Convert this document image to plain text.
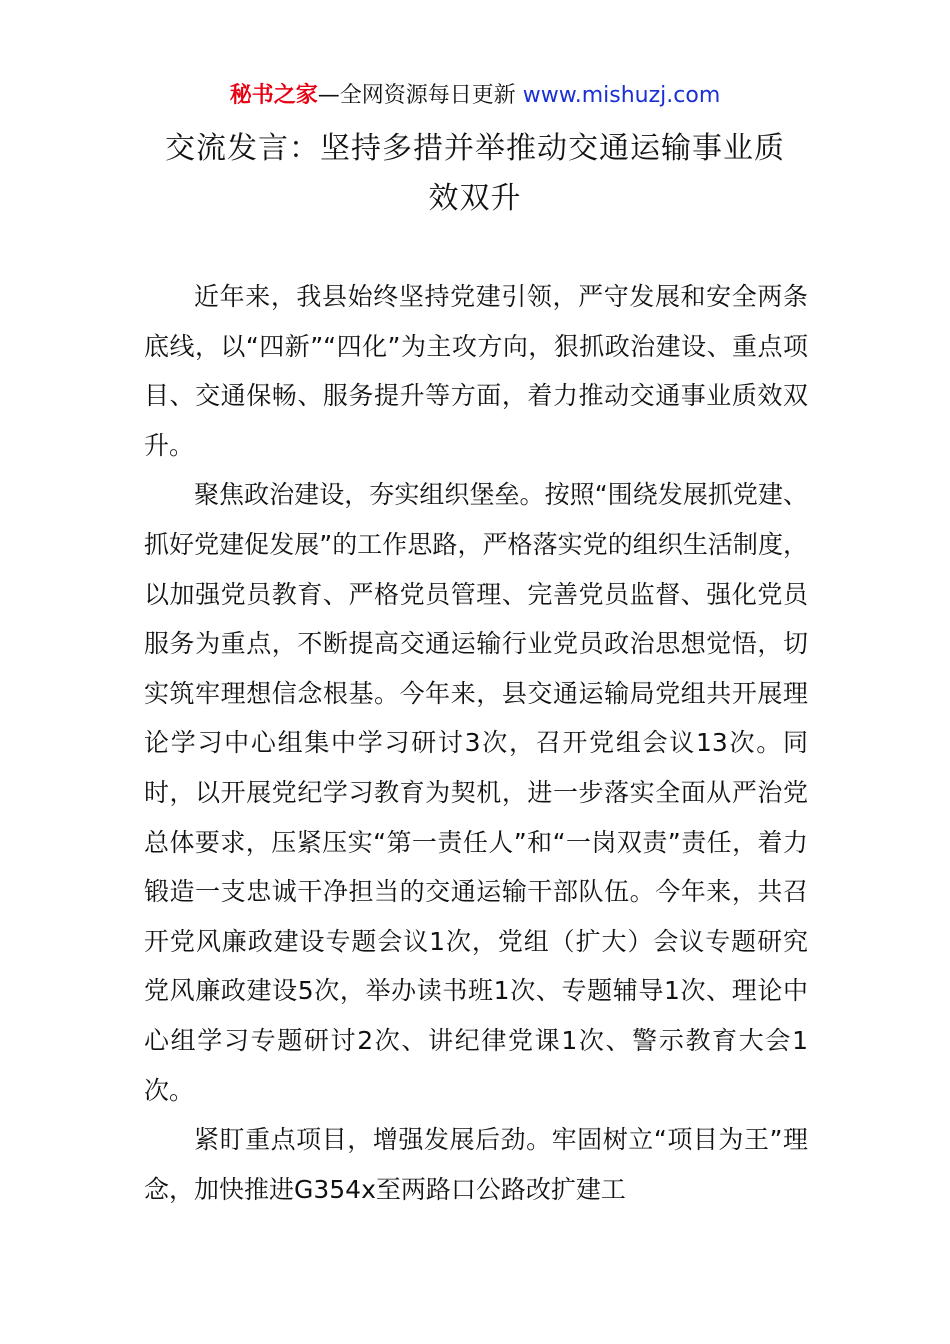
秘书之家—全网资源每日更新 www.mishuzj.com
交流发言：坚持多措并举推动交通运输事业质
效双升

近年来，我县始终坚持党建引领，严守发展和安全两条底线，以“四新”“四化”为主攻方向，狠抓政治建设、重点项目、交通保畅、服务提升等方面，着力推动交通事业质效双升。

聚焦政治建设，夯实组织堡垒。按照“围绕发展抓党建、抓好党建促发展”的工作思路，严格落实党的组织生活制度，以加强党员教育、严格党员管理、完善党员监督、强化党员服务为重点，不断提高交通运输行业党员政治思想觉悟，切实筑牢理想信念根基。今年来，县交通运输局党组共开展理论学习中心组集中学习研讨3次，召开党组会议13次。同时，以开展党纪学习教育为契机，进一步落实全面从严治党总体要求，压紧压实“第一责任人”和“一岗双责”责任，着力锻造一支忠诚干净担当的交通运输干部队伍。今年来，共召开党风廉政建设专题会议1次，党组（扩大）会议专题研究党风廉政建设5次，举办读书班1次、专题辅导1次、理论中心组学习专题研讨2次、讲纪律党课1次、警示教育大会1次。

紧盯重点项目，增强发展后劲。牢固树立“项目为王”理念，加快推进G354x至两路口公路改扩建工
